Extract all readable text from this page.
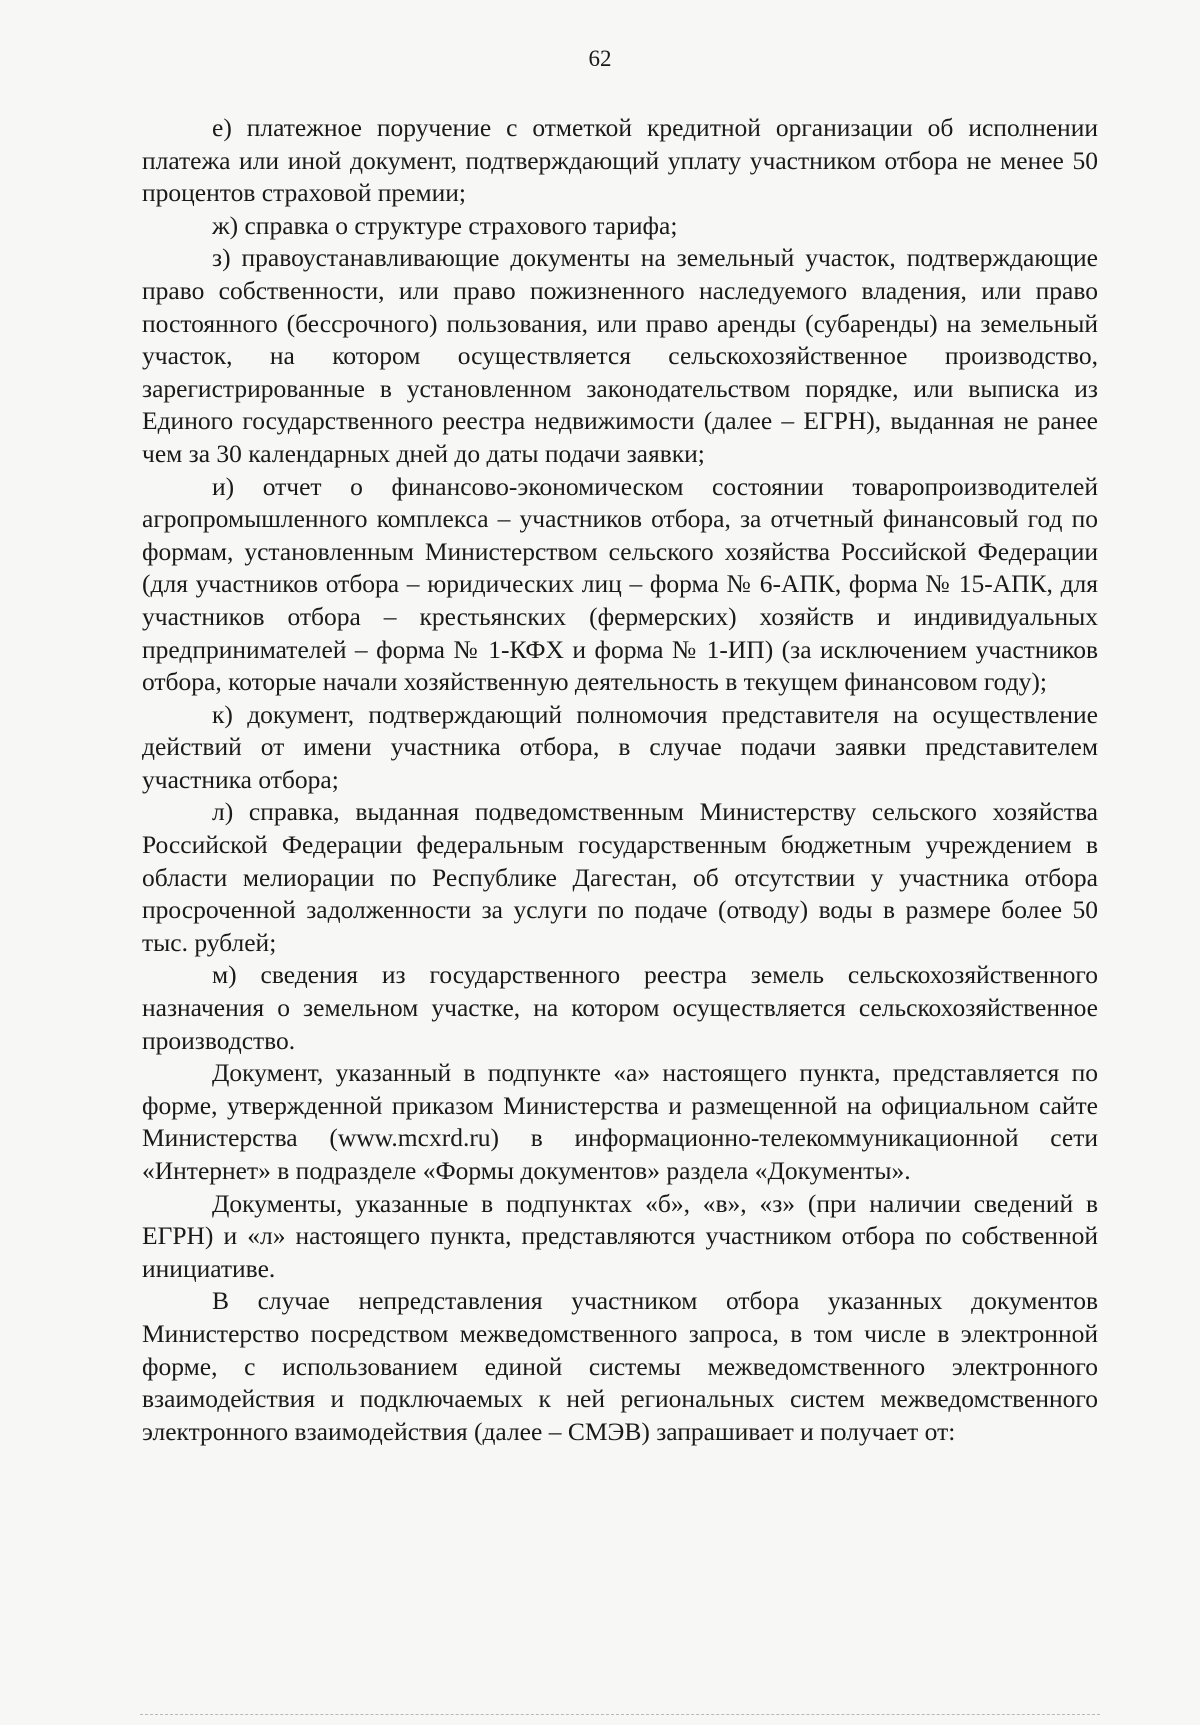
62

е) платежное поручение с отметкой кредитной организации об исполнении платежа или иной документ, подтверждающий уплату участником отбора не менее 50 процентов страховой премии;

ж) справка о структуре страхового тарифа;

з) правоустанавливающие документы на земельный участок, подтверждающие право собственности, или право пожизненного наследуемого владения, или право постоянного (бессрочного) пользования, или право аренды (субаренды) на земельный участок, на котором осуществляется сельскохозяйственное производство, зарегистрированные в установленном законодательством порядке, или выписка из Единого государственного реестра недвижимости (далее – ЕГРН), выданная не ранее чем за 30 календарных дней до даты подачи заявки;

и) отчет о финансово-экономическом состоянии товаропроизводителей агропромышленного комплекса – участников отбора, за отчетный финансовый год по формам, установленным Министерством сельского хозяйства Российской Федерации (для участников отбора – юридических лиц – форма № 6-АПК, форма № 15-АПК, для участников отбора – крестьянских (фермерских) хозяйств и индивидуальных предпринимателей – форма № 1-КФХ и форма № 1-ИП) (за исключением участников отбора, которые начали хозяйственную деятельность в текущем финансовом году);

к) документ, подтверждающий полномочия представителя на осуществление действий от имени участника отбора, в случае подачи заявки представителем участника отбора;

л) справка, выданная подведомственным Министерству сельского хозяйства Российской Федерации федеральным государственным бюджетным учреждением в области мелиорации по Республике Дагестан, об отсутствии у участника отбора просроченной задолженности за услуги по подаче (отводу) воды в размере более 50 тыс. рублей;

м) сведения из государственного реестра земель сельскохозяйственного назначения о земельном участке, на котором осуществляется сельскохозяйственное производство.

Документ, указанный в подпункте «а» настоящего пункта, представляется по форме, утвержденной приказом Министерства и размещенной на официальном сайте Министерства (www.mcxrd.ru) в информационно-телекоммуникационной сети «Интернет» в подразделе «Формы документов» раздела «Документы».

Документы, указанные в подпунктах «б», «в», «з» (при наличии сведений в ЕГРН) и «л» настоящего пункта, представляются участником отбора по собственной инициативе.

В случае непредставления участником отбора указанных документов Министерство посредством межведомственного запроса, в том числе в электронной форме, с использованием единой системы межведомственного электронного взаимодействия и подключаемых к ней региональных систем межведомственного электронного взаимодействия (далее – СМЭВ) запрашивает и получает от:
